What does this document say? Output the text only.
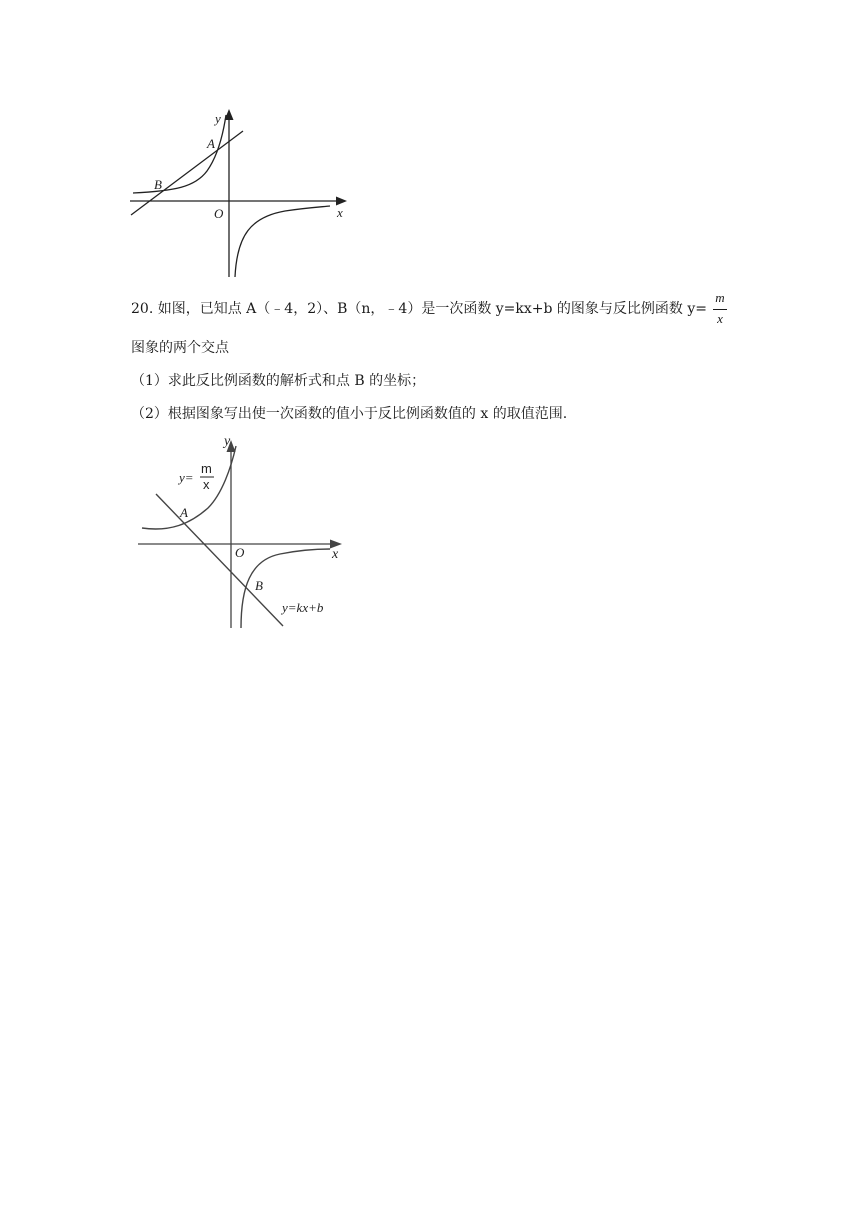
y
x
A
B
O
20. 如图，已知点 A（﹣4，2）、B（n，﹣4）是一次函数 y=kx+b 的图象与反比例函数 y=
m
x
图象的两个交点
（1）求此反比例函数的解析式和点 B 的坐标；
（2）根据图象写出使一次函数的值小于反比例函数值的 x 的取值范围.
y
x
O
A
B
y=
m
x
y=kx+b
